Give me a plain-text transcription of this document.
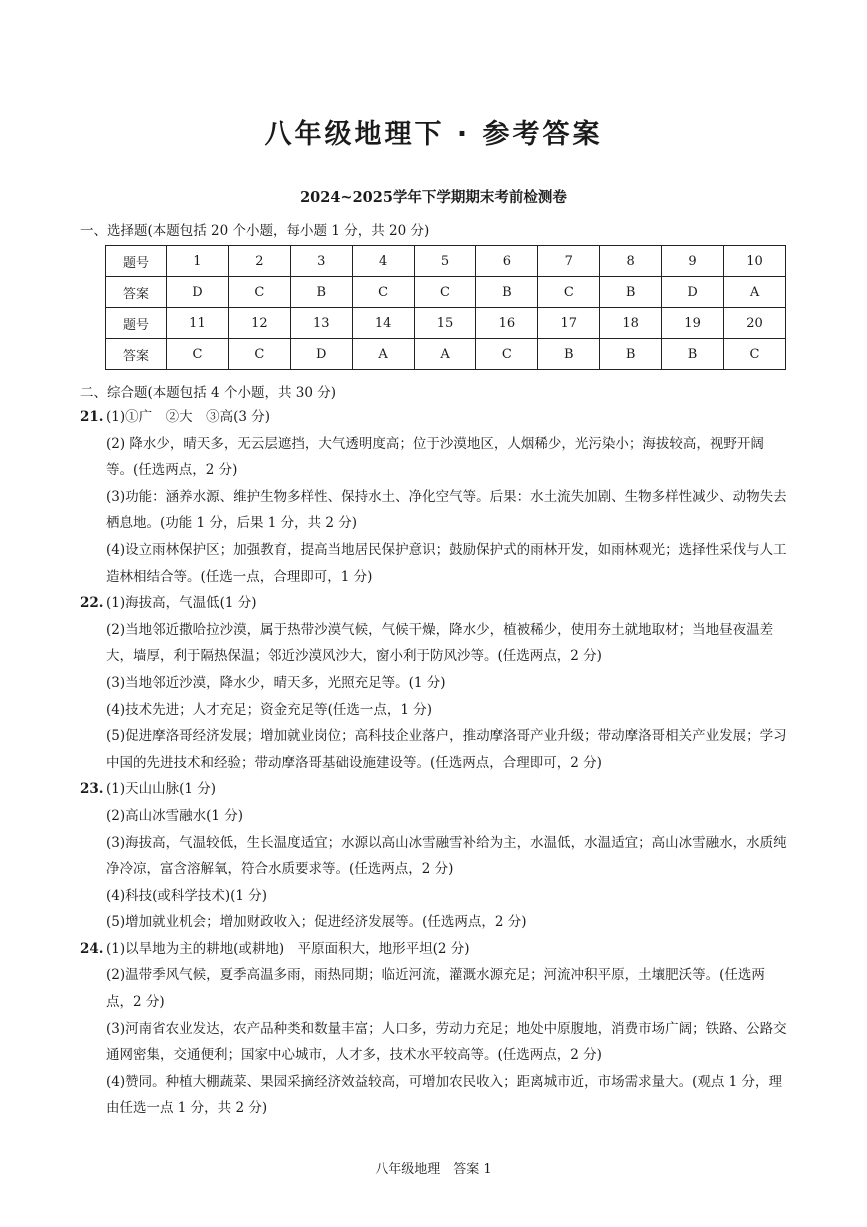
八年级地理下 · 参考答案
2024~2025学年下学期期末考前检测卷
一、选择题(本题包括 20 个小题，每小题 1 分，共 20 分)
题号	1	2	3	4	5	6	7	8	9	10
答案	D	C	B	C	C	B	C	B	D	A
题号	11	12	13	14	15	16	17	18	19	20
答案	C	C	D	A	A	C	B	B	B	C
二、综合题(本题包括 4 个小题，共 30 分)
21. (1)①广　②大　③高(3 分)
(2) 降水少，晴天多，无云层遮挡，大气透明度高；位于沙漠地区，人烟稀少，光污染小；海拔较高，视野开阔等。(任选两点，2 分)
(3)功能：涵养水源、维护生物多样性、保持水土、净化空气等。后果：水土流失加剧、生物多样性减少、动物失去栖息地。(功能 1 分，后果 1 分，共 2 分)
(4)设立雨林保护区；加强教育，提高当地居民保护意识；鼓励保护式的雨林开发，如雨林观光；选择性采伐与人工造林相结合等。(任选一点，合理即可，1 分)
22. (1)海拔高，气温低(1 分)
(2)当地邻近撒哈拉沙漠，属于热带沙漠气候，气候干燥，降水少，植被稀少，使用夯土就地取材；当地昼夜温差大，墙厚，利于隔热保温；邻近沙漠风沙大，窗小利于防风沙等。(任选两点，2 分)
(3)当地邻近沙漠，降水少，晴天多，光照充足等。(1 分)
(4)技术先进；人才充足；资金充足等(任选一点，1 分)
(5)促进摩洛哥经济发展；增加就业岗位；高科技企业落户，推动摩洛哥产业升级；带动摩洛哥相关产业发展；学习中国的先进技术和经验；带动摩洛哥基础设施建设等。(任选两点，合理即可，2 分)
23. (1)天山山脉(1 分)
(2)高山冰雪融水(1 分)
(3)海拔高，气温较低，生长温度适宜；水源以高山冰雪融雪补给为主，水温低，水温适宜；高山冰雪融水，水质纯净冷凉，富含溶解氧，符合水质要求等。(任选两点，2 分)
(4)科技(或科学技术)(1 分)
(5)增加就业机会；增加财政收入；促进经济发展等。(任选两点，2 分)
24. (1)以旱地为主的耕地(或耕地)　平原面积大，地形平坦(2 分)
(2)温带季风气候，夏季高温多雨，雨热同期；临近河流，灌溉水源充足；河流冲积平原，土壤肥沃等。(任选两点，2 分)
(3)河南省农业发达，农产品种类和数量丰富；人口多，劳动力充足；地处中原腹地，消费市场广阔；铁路、公路交通网密集，交通便利；国家中心城市，人才多，技术水平较高等。(任选两点，2 分)
(4)赞同。种植大棚蔬菜、果园采摘经济效益较高，可增加农民收入；距离城市近，市场需求量大。(观点 1 分，理由任选一点 1 分，共 2 分)
八年级地理　答案 1
